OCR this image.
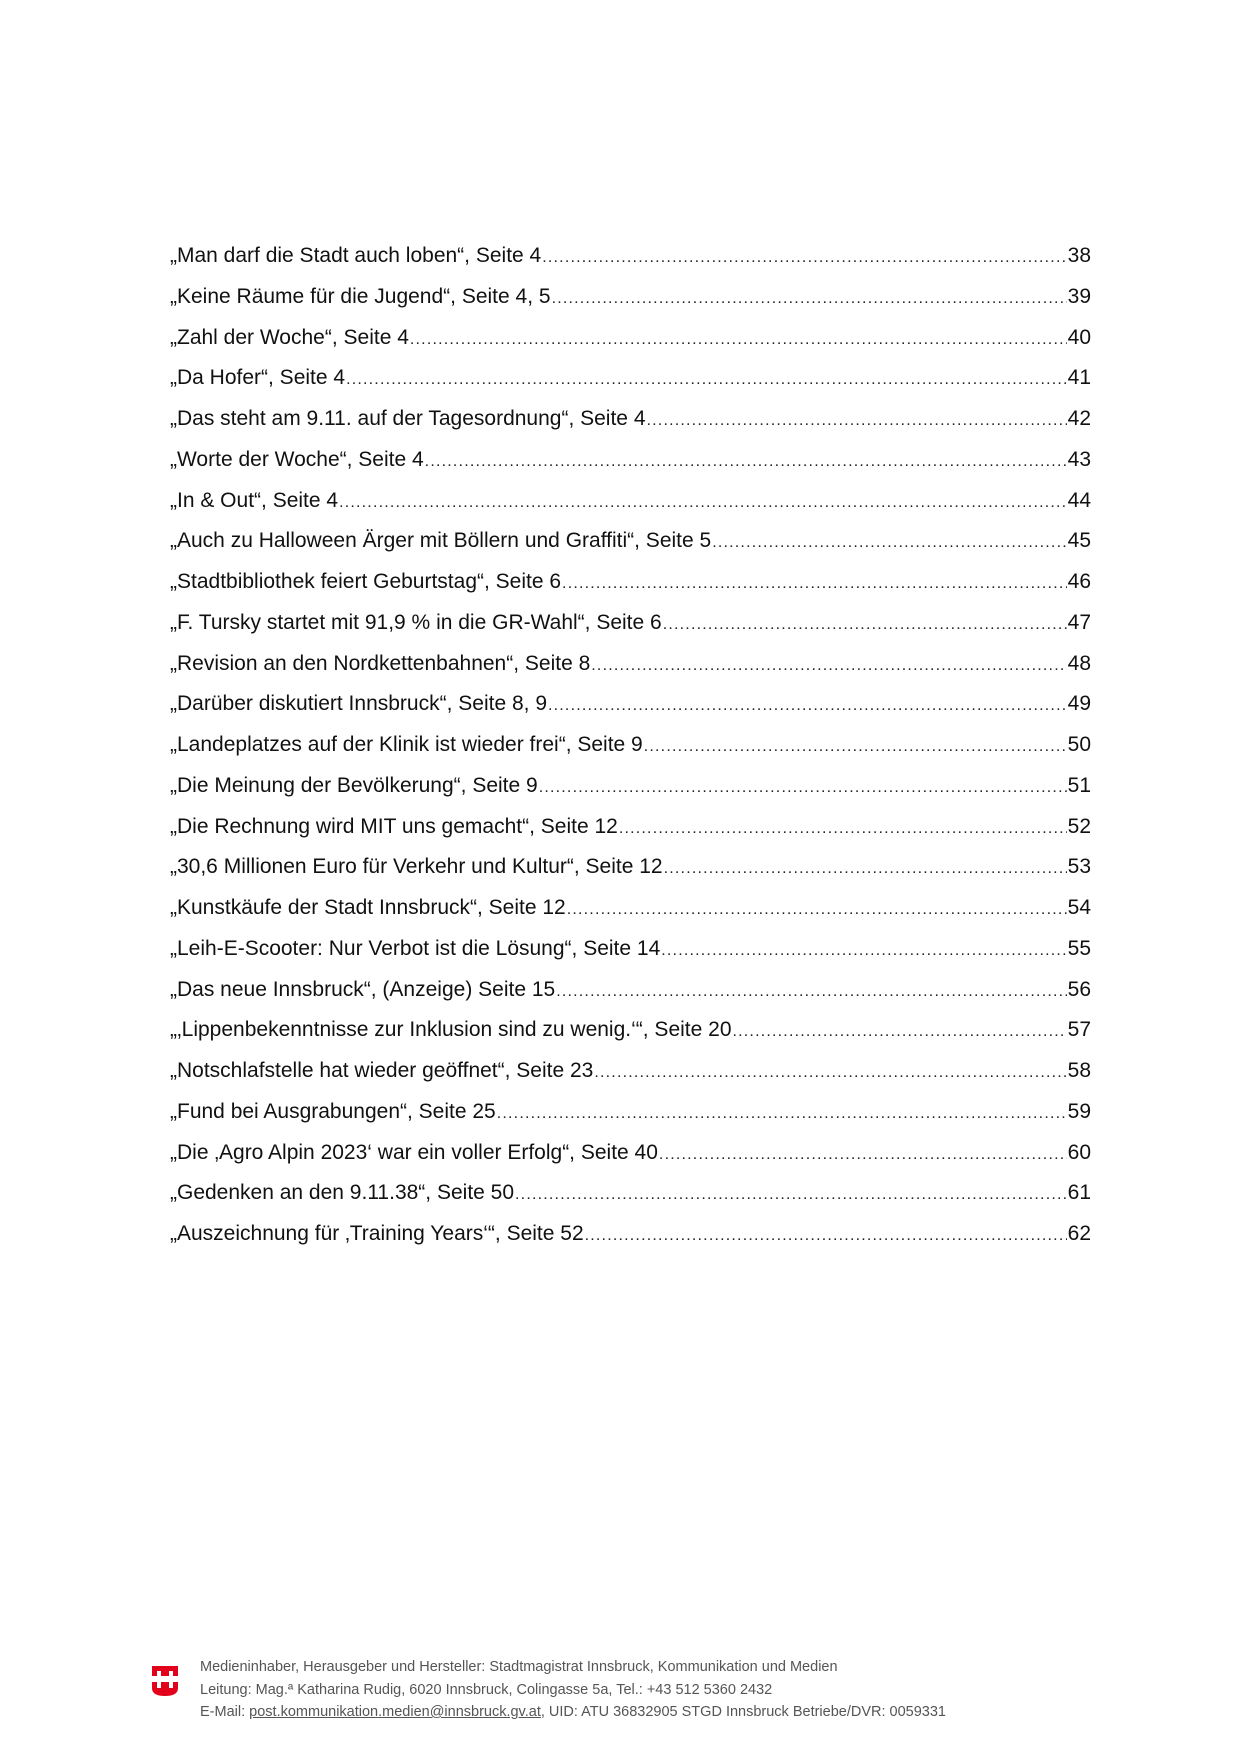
„Man darf die Stadt auch loben“, Seite 4 .....	38
„Keine Räume für die Jugend“, Seite 4, 5 .....	39
„Zahl der Woche“, Seite 4 .....	40
„Da Hofer“, Seite 4 .....	41
„Das steht am 9.11. auf der Tagesordnung“, Seite 4 .....	42
„Worte der Woche“, Seite 4 .....	43
„In & Out“, Seite 4 .....	44
„Auch zu Halloween Ärger mit Böllern und Graffiti“, Seite 5 .....	45
„Stadtbibliothek feiert Geburtstag“, Seite 6 .....	46
„F. Tursky startet mit 91,9 % in die GR-Wahl“, Seite 6 .....	47
„Revision an den Nordkettenbahnen“, Seite 8 .....	48
„Darüber diskutiert Innsbruck“, Seite 8, 9 .....	49
„Landeplatzes auf der Klinik ist wieder frei“, Seite 9 .....	50
„Die Meinung der Bevölkerung“, Seite 9 .....	51
„Die Rechnung wird MIT uns gemacht“, Seite 12 .....	52
„30,6 Millionen Euro für Verkehr und Kultur“, Seite 12 .....	53
„Kunstkäufe der Stadt Innsbruck“, Seite 12 .....	54
„Leih-E-Scooter: Nur Verbot ist die Lösung“, Seite 14 .....	55
„Das neue Innsbruck“, (Anzeige) Seite 15 .....	56
„‚Lippenbekenntnisse zur Inklusion sind zu wenig.‘“, Seite 20 .....	57
„Notschlafstelle hat wieder geöffnet“, Seite 23 .....	58
„Fund bei Ausgrabungen“, Seite 25 .....	59
„Die ‚Agro Alpin 2023‘ war ein voller Erfolg“, Seite 40 .....	60
„Gedenken an den 9.11.38“, Seite 50 .....	61
„Auszeichnung für ‚Training Years‘“, Seite 52 .....	62
Medieninhaber, Herausgeber und Hersteller: Stadtmagistrat Innsbruck, Kommunikation und Medien
Leitung: Mag.ª Katharina Rudig, 6020 Innsbruck, Colingasse 5a, Tel.: +43 512 5360 2432
E-Mail: post.kommunikation.medien@innsbruck.gv.at, UID: ATU 36832905 STGD Innsbruck Betriebe/DVR: 0059331
